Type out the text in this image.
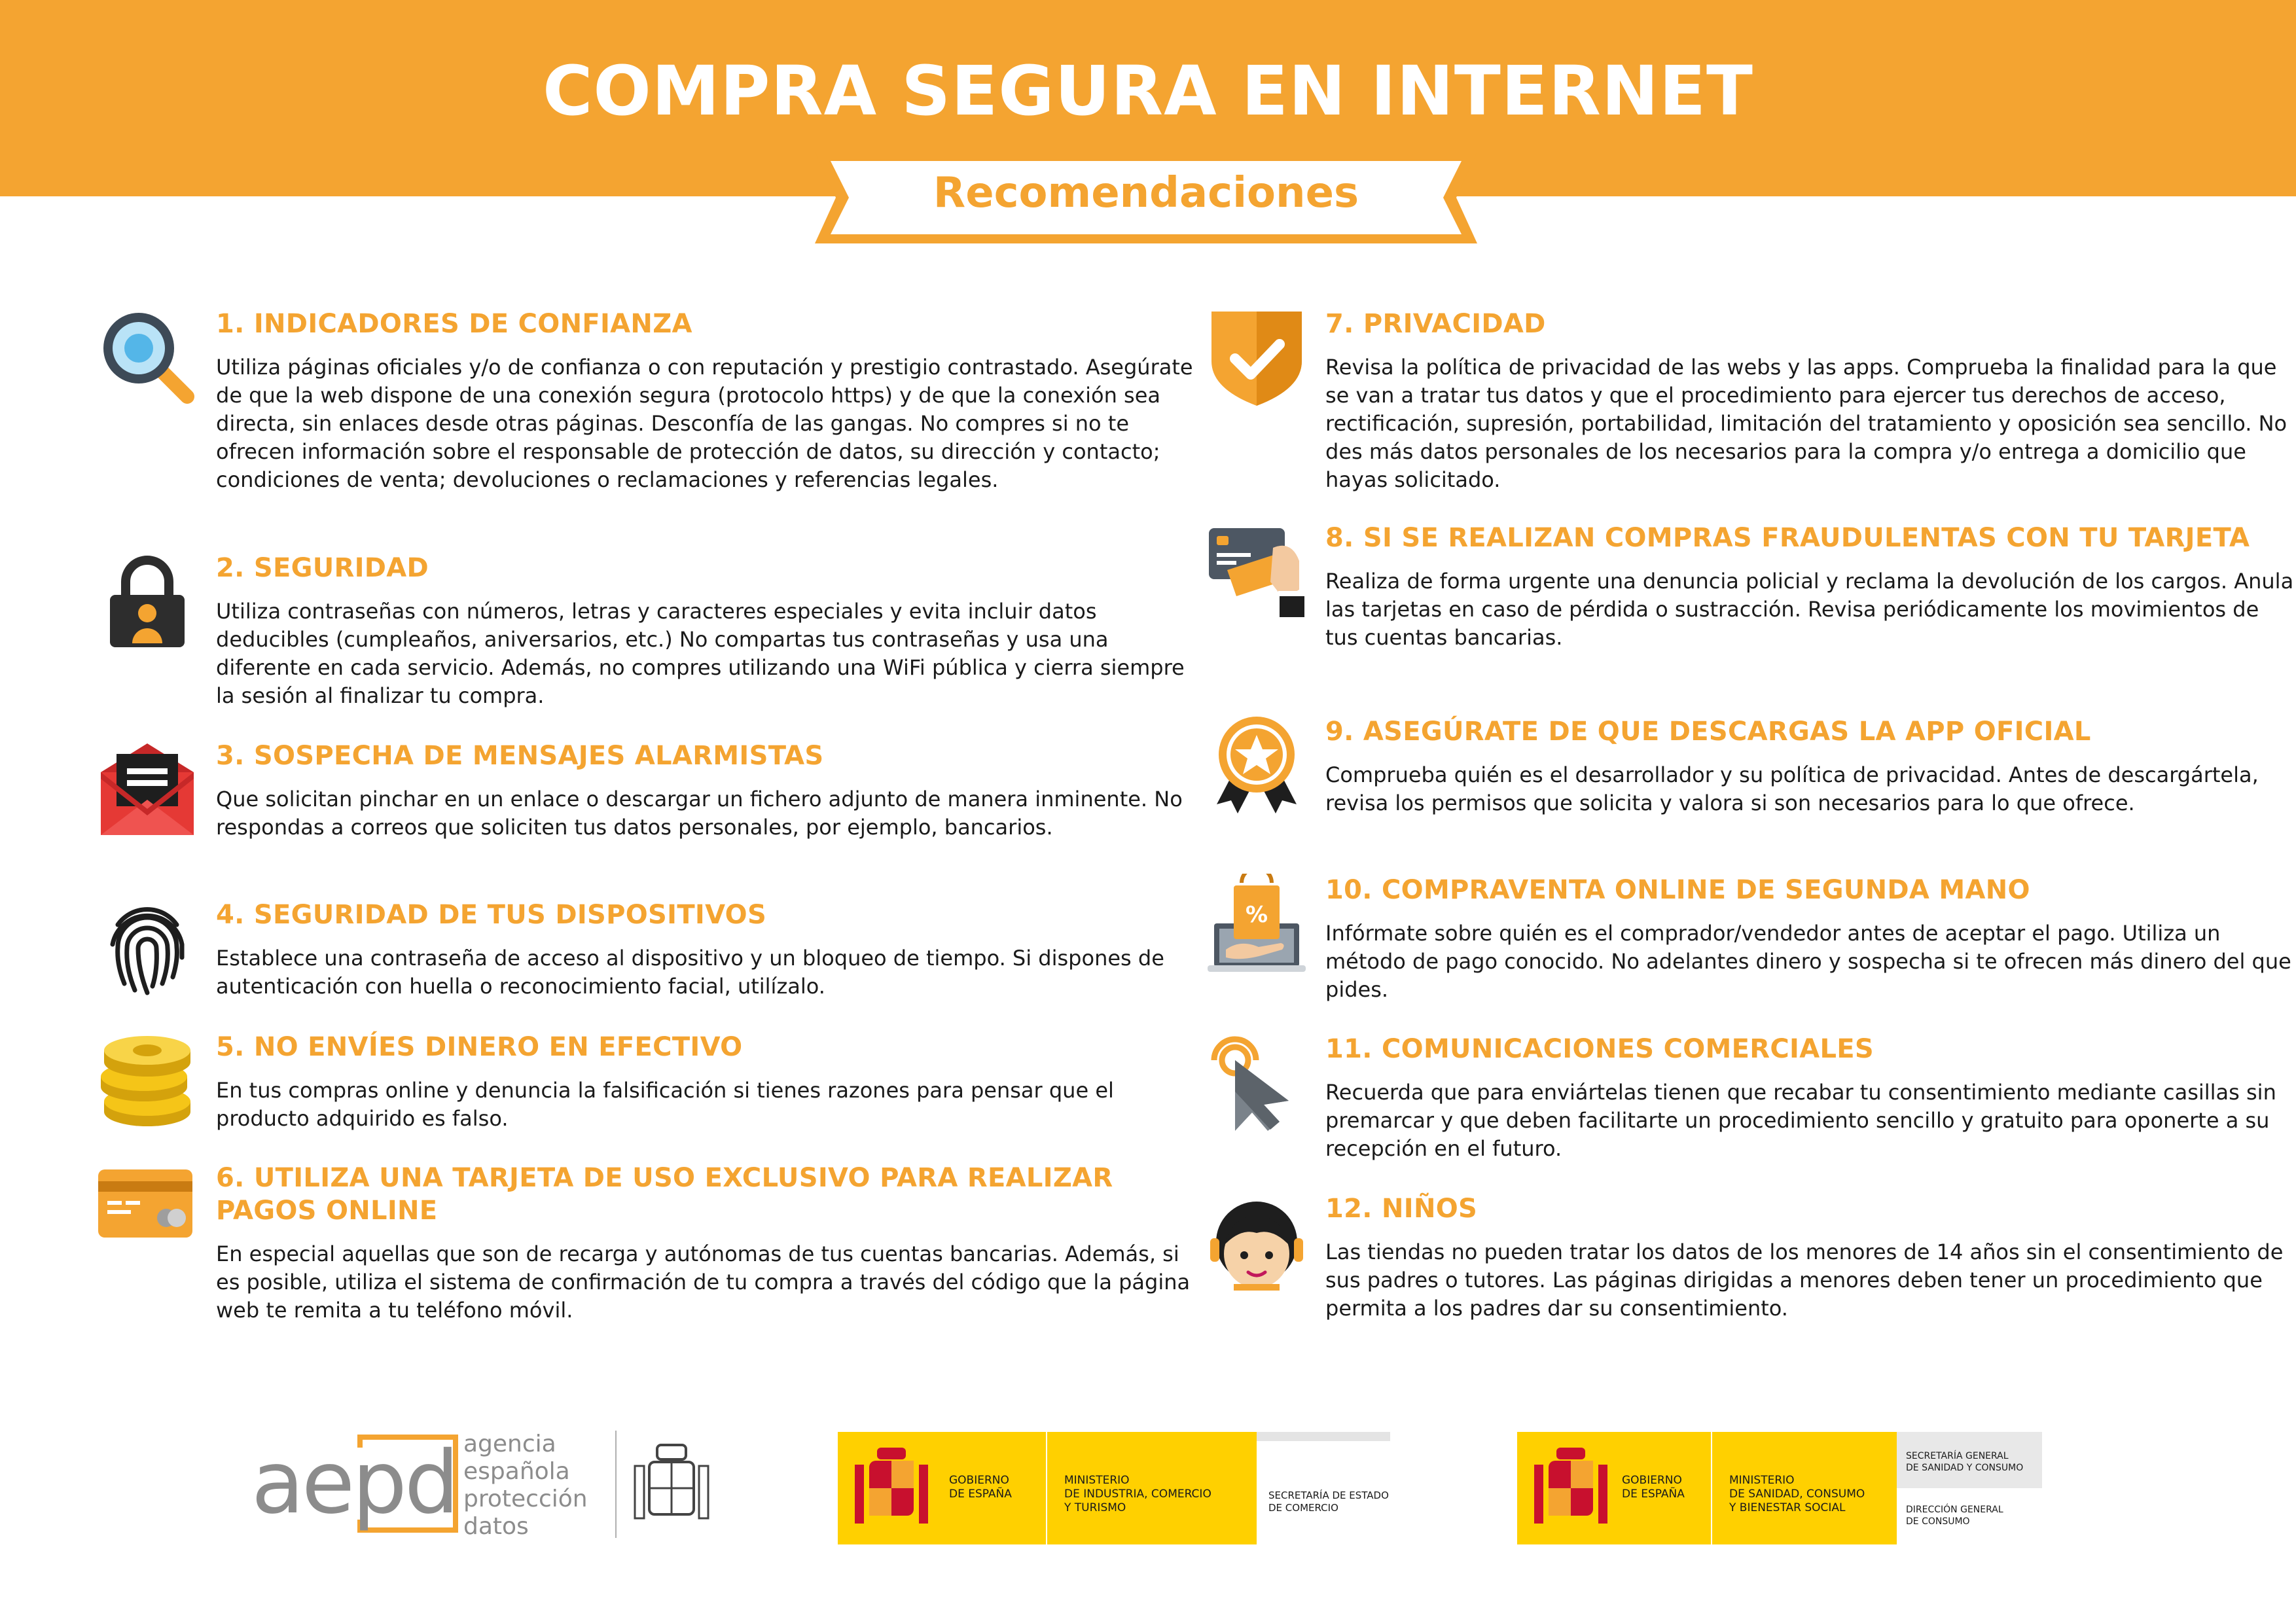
COMPRA SEGURA EN INTERNET
Recomendaciones
1. INDICADORES DE CONFIANZA

Utiliza páginas oficiales y/o de confianza o con reputación y prestigio contrastado. Asegúrate de que la web dispone de una conexión segura (protocolo https) y de que la conexión sea directa, sin enlaces desde otras páginas. Desconfía de las gangas. No compres si no te ofrecen información sobre el responsable de protección de datos, su dirección y contacto; condiciones de venta; devoluciones o reclamaciones y referencias legales.

2. SEGURIDAD

Utiliza contraseñas con números, letras y caracteres especiales y evita incluir datos deducibles (cumpleaños, aniversarios, etc.) No compartas tus contraseñas y usa una diferente en cada servicio. Además, no compres utilizando una WiFi pública y cierra siempre la sesión al finalizar tu compra.

3. SOSPECHA DE MENSAJES ALARMISTAS

Que solicitan pinchar en un enlace o descargar un fichero adjunto de manera inminente. No respondas a correos que soliciten tus datos personales, por ejemplo, bancarios.

4. SEGURIDAD DE TUS DISPOSITIVOS

Establece una contraseña de acceso al dispositivo y un bloqueo de tiempo. Si dispones de autenticación con huella o reconocimiento facial, utilízalo.

5. NO ENVÍES DINERO EN EFECTIVO

En tus compras online y denuncia la falsificación si tienes razones para pensar que el producto adquirido es falso.

6. UTILIZA UNA TARJETA DE USO EXCLUSIVO PARA REALIZAR PAGOS ONLINE

En especial aquellas que son de recarga y autónomas de tus cuentas bancarias. Además, si es posible, utiliza el sistema de confirmación de tu compra a través del código que la página web te remita a tu teléfono móvil.

7. PRIVACIDAD

Revisa la política de privacidad de las webs y las apps. Comprueba la finalidad para la que se van a tratar tus datos y que el procedimiento para ejercer tus derechos de acceso, rectificación, supresión, portabilidad, limitación del tratamiento y oposición sea sencillo. No des más datos personales de los necesarios para la compra y/o entrega a domicilio que hayas solicitado.

8. SI SE REALIZAN COMPRAS FRAUDULENTAS CON TU TARJETA

Realiza de forma urgente una denuncia policial y reclama la devolución de los cargos. Anula las tarjetas en caso de pérdida o sustracción. Revisa periódicamente los movimientos de tus cuentas bancarias.

9. ASEGÚRATE DE QUE DESCARGAS LA APP OFICIAL

Comprueba quién es el desarrollador y su política de privacidad. Antes de descargártela, revisa los permisos que solicita y valora si son necesarios para lo que ofrece.

%
10. COMPRAVENTA ONLINE DE SEGUNDA MANO

Infórmate sobre quién es el comprador/vendedor antes de aceptar el pago. Utiliza un método de pago conocido. No adelantes dinero y sospecha si te ofrecen más dinero del que pides.

11. COMUNICACIONES COMERCIALES

Recuerda que para enviártelas tienen que recabar tu consentimiento mediante casillas sin premarcar y que deben facilitarte un procedimiento sencillo y gratuito para oponerte a su recepción en el futuro.

12. NIÑOS

Las tiendas no pueden tratar los datos de los menores de 14 años sin el consentimiento de sus padres o tutores. Las páginas dirigidas a menores deben tener un procedimiento que permita a los padres dar su consentimiento.

aepd agencia
española
protección
datos
GOBIERNO
DE ESPAÑA
MINISTERIO
DE INDUSTRIA, COMERCIO
Y TURISMO
SECRETARÍA DE ESTADO
DE COMERCIO
GOBIERNO
DE ESPAÑA
MINISTERIO
DE SANIDAD, CONSUMO
Y BIENESTAR SOCIAL
SECRETARÍA GENERAL
DE SANIDAD Y CONSUMO
DIRECCIÓN GENERAL
DE CONSUMO
